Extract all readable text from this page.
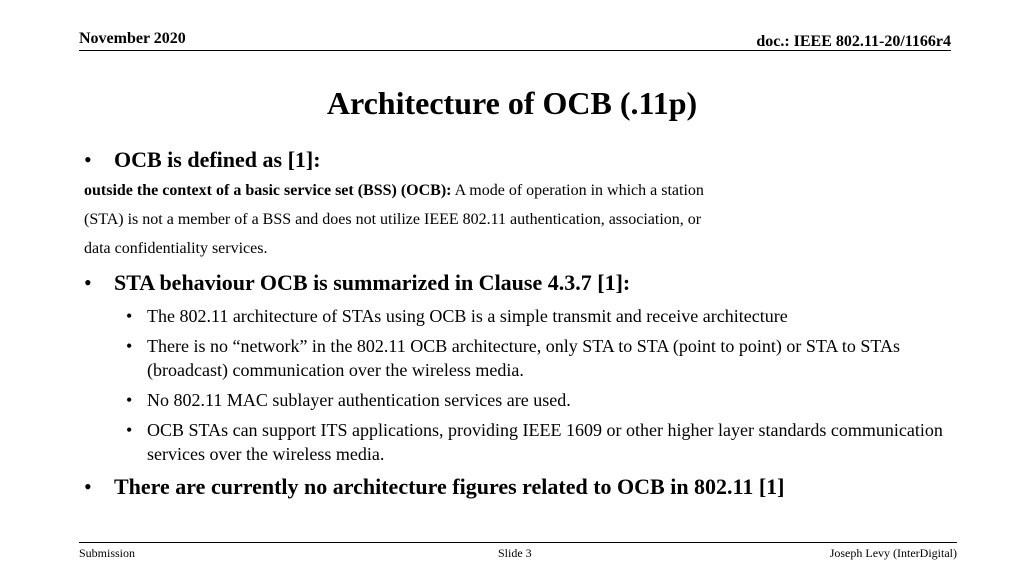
November 2020	doc.: IEEE 802.11-20/1166r4
Architecture of OCB (.11p)
• OCB is defined as [1]:
outside the context of a basic service set (BSS) (OCB): A mode of operation in which a station
(STA) is not a member of a BSS and does not utilize IEEE 802.11 authentication, association, or
data confidentiality services.
• STA behaviour OCB is summarized in Clause 4.3.7 [1]:
• The 802.11 architecture of STAs using OCB is a simple transmit and receive architecture
• There is no “network” in the 802.11 OCB architecture, only STA to STA (point to point) or STA to STAs (broadcast) communication over the wireless media.
• No 802.11 MAC sublayer authentication services are used.
• OCB STAs can support ITS applications, providing IEEE 1609 or other higher layer standards communication services over the wireless media.
• There are currently no architecture figures related to OCB in 802.11 [1]
Submission	Slide 3	Joseph Levy (InterDigital)
